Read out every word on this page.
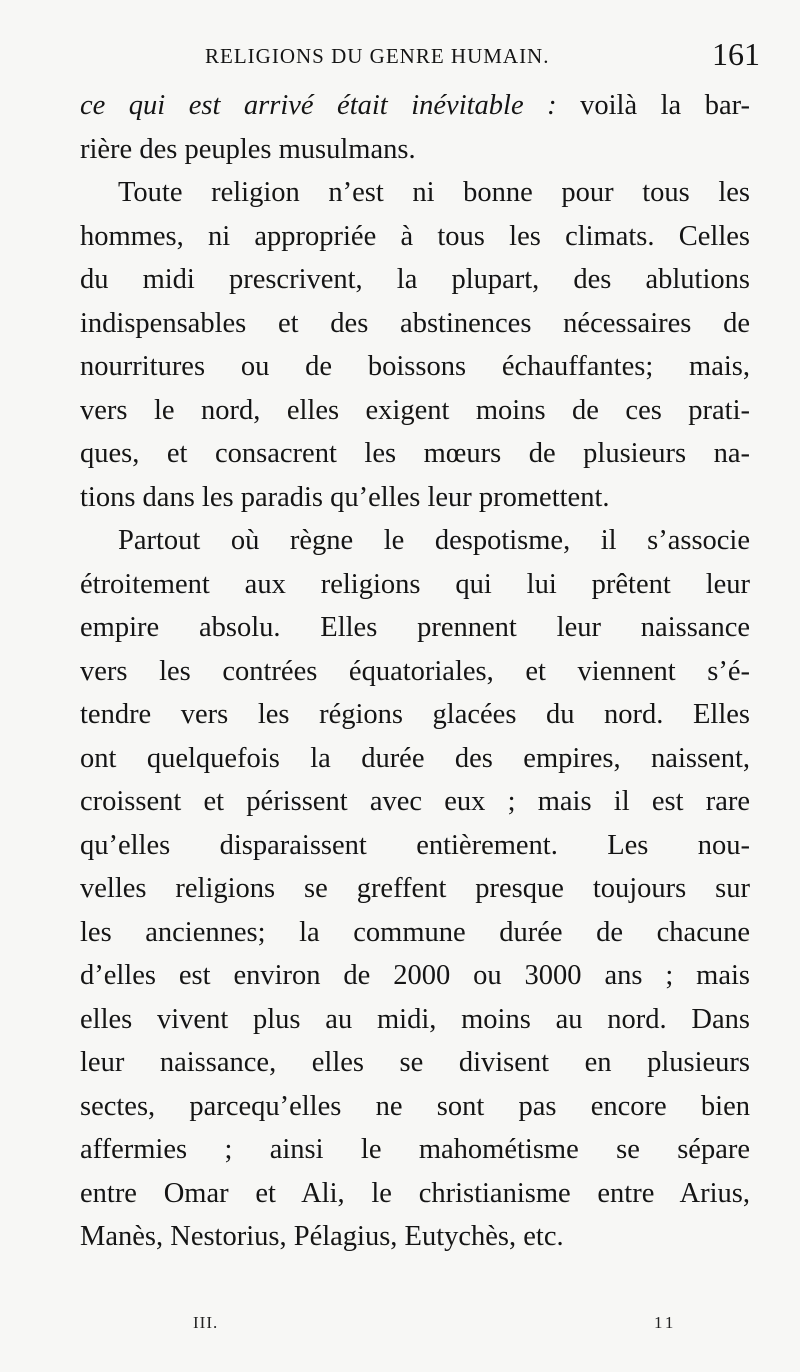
RELIGIONS DU GENRE HUMAIN.	161
ce qui est arrivé était inévitable : voilà la bar-
rière des peuples musulmans.
Toute religion n’est ni bonne pour tous les
hommes, ni appropriée à tous les climats. Celles
du midi prescrivent, la plupart, des ablutions
indispensables et des abstinences nécessaires de
nourritures ou de boissons échauffantes; mais,
vers le nord, elles exigent moins de ces prati-
ques, et consacrent les mœurs de plusieurs na-
tions dans les paradis qu’elles leur promettent.
Partout où règne le despotisme, il s’associe
étroitement aux religions qui lui prêtent leur
empire absolu. Elles prennent leur naissance
vers les contrées équatoriales, et viennent s’é-
tendre vers les régions glacées du nord. Elles
ont quelquefois la durée des empires, naissent,
croissent et périssent avec eux ; mais il est rare
qu’elles disparaissent entièrement. Les nou-
velles religions se greffent presque toujours sur
les anciennes; la commune durée de chacune
d’elles est environ de 2000 ou 3000 ans ; mais
elles vivent plus au midi, moins au nord. Dans
leur naissance, elles se divisent en plusieurs
sectes, parcequ’elles ne sont pas encore bien
affermies ; ainsi le mahométisme se sépare
entre Omar et Ali, le christianisme entre Arius,
Manès, Nestorius, Pélagius, Eutychès, etc.
III.	11
